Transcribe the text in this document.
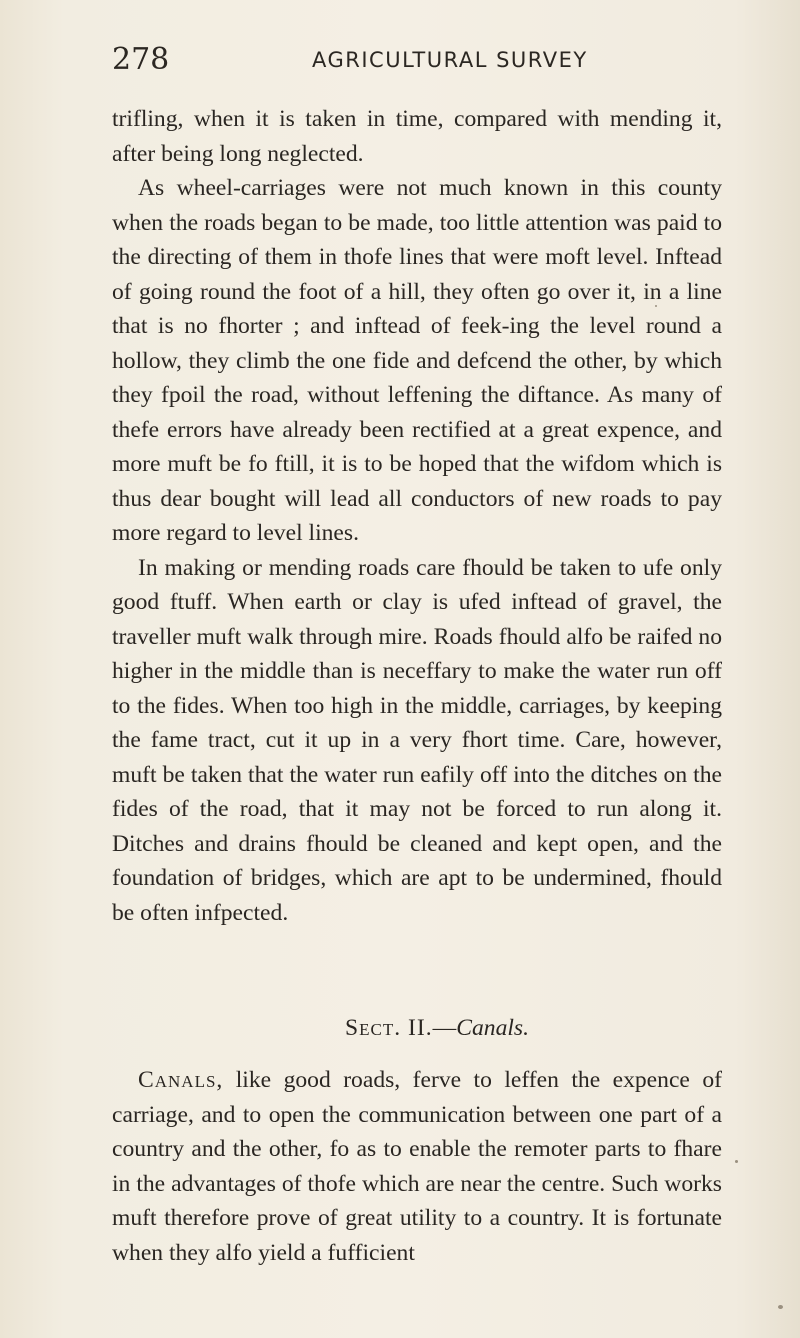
278	AGRICULTURAL SURVEY

trifling, when it is taken in time, compared with mending it, after being long neglected.

As wheel-carriages were not much known in this county when the roads began to be made, too little attention was paid to the directing of them in thofe lines that were moft level. Inftead of going round the foot of a hill, they often go over it, in a line that is no fhorter ; and inftead of feek-ing the level round a hollow, they climb the one fide and defcend the other, by which they fpoil the road, without leffening the diftance. As many of thefe errors have already been rectified at a great expence, and more muft be fo ftill, it is to be hoped that the wifdom which is thus dear bought will lead all conductors of new roads to pay more regard to level lines.

In making or mending roads care fhould be taken to ufe only good ftuff. When earth or clay is ufed inftead of gravel, the traveller muft walk through mire. Roads fhould alfo be raifed no higher in the middle than is neceffary to make the water run off to the fides. When too high in the middle, carriages, by keeping the fame tract, cut it up in a very fhort time. Care, however, muft be taken that the water run eafily off into the ditches on the fides of the road, that it may not be forced to run along it. Ditches and drains fhould be cleaned and kept open, and the foundation of bridges, which are apt to be undermined, fhould be often infpected.

Sect. II.—Canals.

Canals, like good roads, ferve to leffen the expence of carriage, and to open the communication between one part of a country and the other, fo as to enable the remoter parts to fhare in the advantages of thofe which are near the centre. Such works muft therefore prove of great utility to a country. It is fortunate when they alfo yield a fufficient
